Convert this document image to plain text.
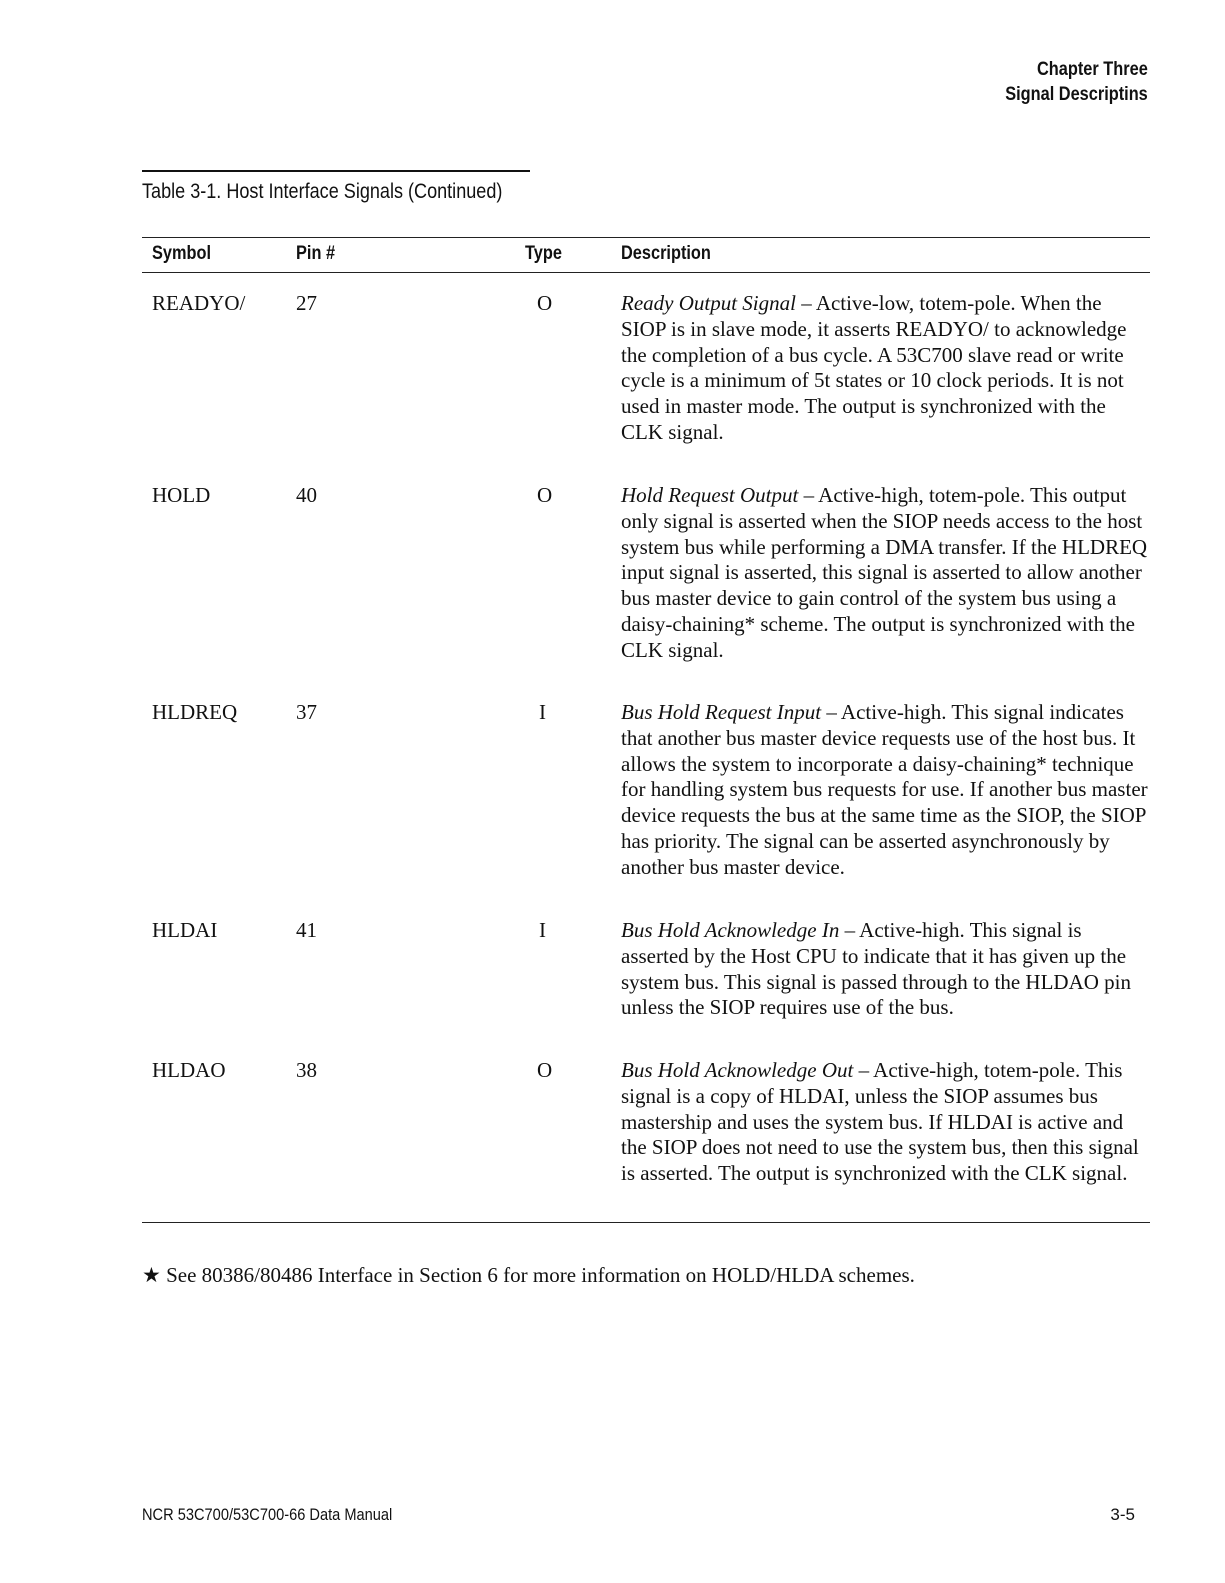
Chapter Three
Signal Descriptins
Table 3-1. Host Interface Signals (Continued)
Symbol	Pin #	Type	Description
READYO/ 27	O	Ready Output Signal – Active-low, totem-pole. When the SIOP is in slave mode, it asserts READYO/ to acknowledge the completion of a bus cycle. A 53C700 slave read or write cycle is a minimum of 5t states or 10 clock periods. It is not used in master mode. The output is synchronized with the CLK signal.
HOLD	40	O	Hold Request Output – Active-high, totem-pole. This output only signal is asserted when the SIOP needs access to the host system bus while performing a DMA transfer. If the HLDREQ input signal is asserted, this signal is asserted to allow another bus master device to gain control of the system bus using a daisy-chaining* scheme. The output is synchronized with the CLK signal.
HLDREQ	37	I	Bus Hold Request Input – Active-high. This signal indicates that another bus master device requests use of the host bus. It allows the system to incorporate a daisy-chaining* technique for handling system bus requests for use. If another bus master device requests the bus at the same time as the SIOP, the SIOP has priority. The signal can be asserted asynchronously by another bus master device.
HLDAI	41	I	Bus Hold Acknowledge In – Active-high. This signal is asserted by the Host CPU to indicate that it has given up the system bus. This signal is passed through to the HLDAO pin unless the SIOP requires use of the bus.
HLDAO	38	O	Bus Hold Acknowledge Out – Active-high, totem-pole. This signal is a copy of HLDAI, unless the SIOP assumes bus mastership and uses the system bus. If HLDAI is active and the SIOP does not need to use the system bus, then this signal is asserted. The output is synchronized with the CLK signal.
★ See 80386/80486 Interface in Section 6 for more information on HOLD/HLDA schemes.
NCR 53C700/53C700-66 Data Manual	3-5
